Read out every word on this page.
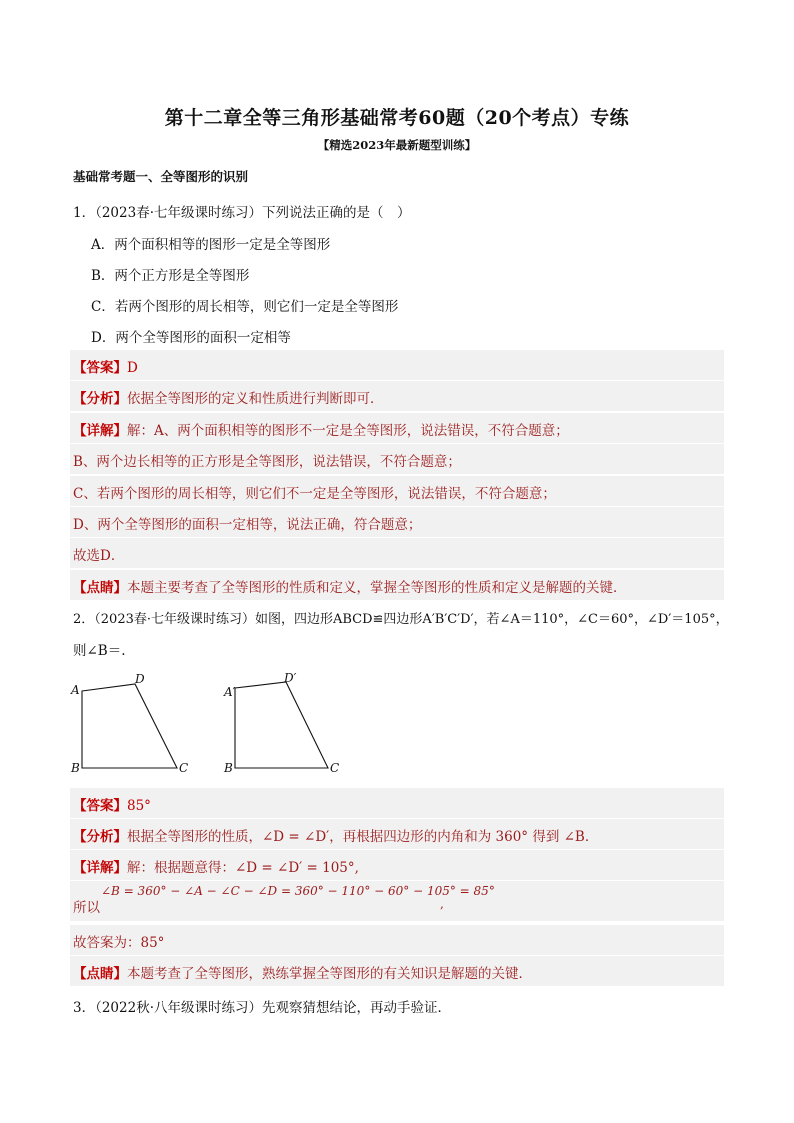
第十二章全等三角形基础常考60题（20个考点）专练
【精选2023年最新题型训练】
基础常考题一、全等图形的识别
1．（2023春·七年级课时练习）下列说法正确的是（　）
A．两个面积相等的图形一定是全等图形
B．两个正方形是全等图形
C．若两个图形的周长相等，则它们一定是全等图形
D．两个全等图形的面积一定相等
【答案】D
【分析】依据全等图形的定义和性质进行判断即可．
【详解】解：A、两个面积相等的图形不一定是全等图形，说法错误，不符合题意；
B、两个边长相等的正方形是全等图形，说法错误，不符合题意；
C、若两个图形的周长相等，则它们不一定是全等图形，说法错误，不符合题意；
D、两个全等图形的面积一定相等，说法正确，符合题意；
故选D．
【点睛】本题主要考查了全等图形的性质和定义，掌握全等图形的性质和定义是解题的关键．
2．（2023春·七年级课时练习）如图，四边形ABCD≌四边形A′B′C′D′，若∠A＝110°，∠C＝60°，∠D′＝105°，
则∠B＝.
A
D
B	C
A′
D′
B	C
【答案】85°
【分析】根据全等图形的性质，∠D = ∠D′，再根据四边形的内角和为 360° 得到 ∠B．
【详解】解：根据题意得：∠D = ∠D′ = 105°,
所以
∠B = 360° − ∠A − ∠C − ∠D = 360° − 110° − 60° − 105° = 85°
,
故答案为：85°
【点睛】本题考查了全等图形，熟练掌握全等图形的有关知识是解题的关键．
3．（2022秋·八年级课时练习）先观察猜想结论，再动手验证．
